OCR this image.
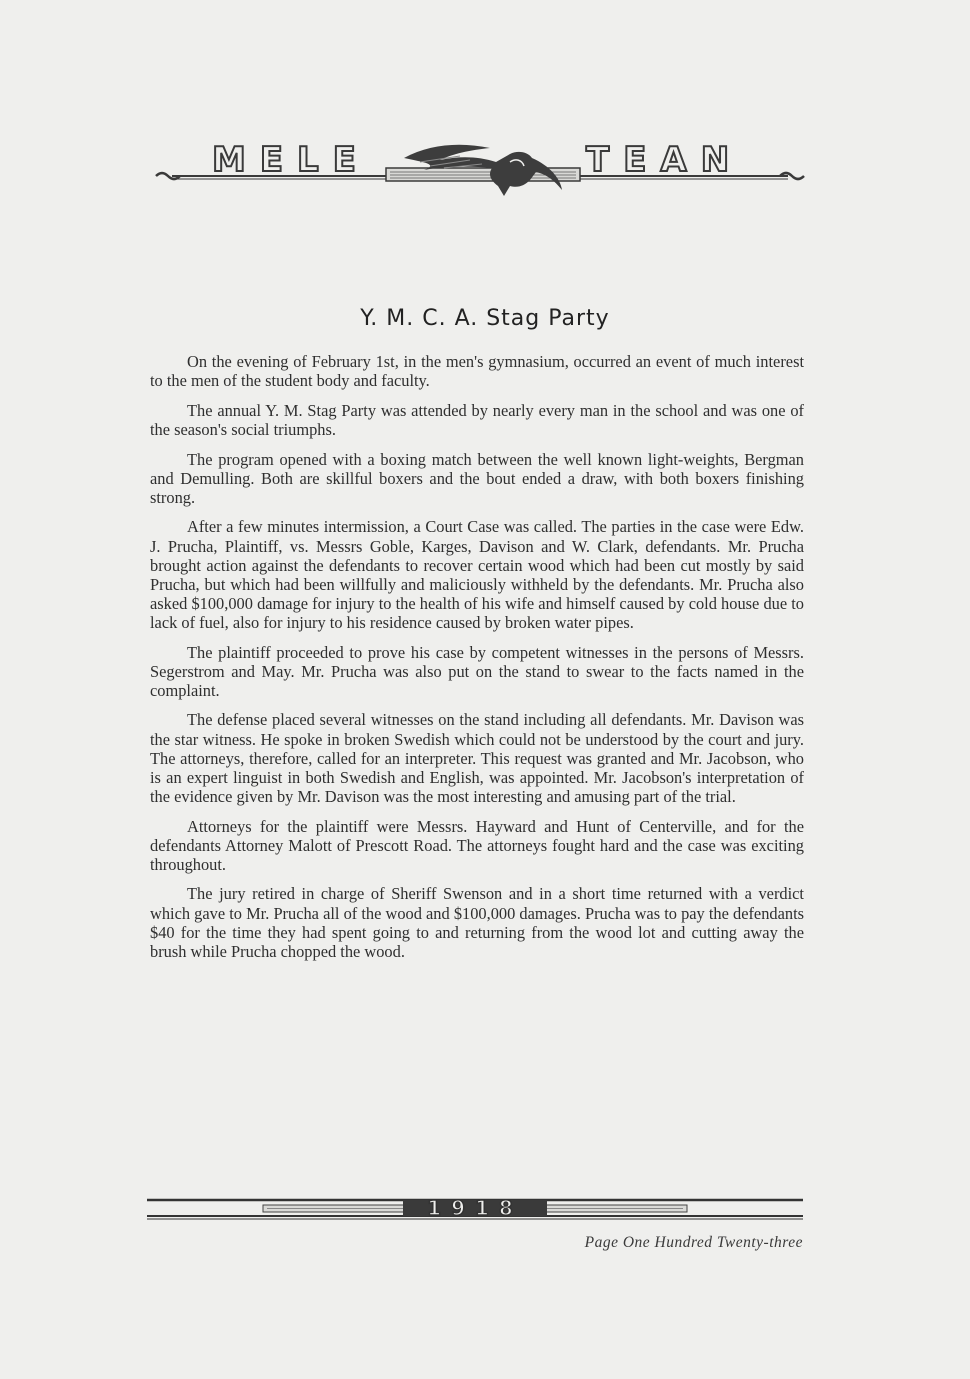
MELE	TEAN
Y. M. C. A. Stag Party

On the evening of February 1st, in the men's gymnasium, occurred an event of much interest to the men of the student body and faculty.

The annual Y. M. Stag Party was attended by nearly every man in the school and was one of the season's social triumphs.

The program opened with a boxing match between the well known light-weights, Bergman and Demulling. Both are skillful boxers and the bout ended a draw, with both boxers finishing strong.

After a few minutes intermission, a Court Case was called. The parties in the case were Edw. J. Prucha, Plaintiff, vs. Messrs Goble, Karges, Davison and W. Clark, defendants. Mr. Prucha brought action against the defendants to recover certain wood which had been cut mostly by said Prucha, but which had been willfully and maliciously withheld by the defendants. Mr. Prucha also asked $100,000 damage for injury to the health of his wife and himself caused by cold house due to lack of fuel, also for injury to his residence caused by broken water pipes.

The plaintiff proceeded to prove his case by competent witnesses in the persons of Messrs. Segerstrom and May. Mr. Prucha was also put on the stand to swear to the facts named in the complaint.

The defense placed several witnesses on the stand including all defendants. Mr. Davison was the star witness. He spoke in broken Swedish which could not be understood by the court and jury. The attorneys, therefore, called for an interpreter. This request was granted and Mr. Jacobson, who is an expert linguist in both Swedish and English, was appointed. Mr. Jacobson's interpretation of the evidence given by Mr. Davison was the most interesting and amusing part of the trial.

Attorneys for the plaintiff were Messrs. Hayward and Hunt of Centerville, and for the defendants Attorney Malott of Prescott Road. The attorneys fought hard and the case was exciting throughout.

The jury retired in charge of Sheriff Swenson and in a short time returned with a verdict which gave to Mr. Prucha all of the wood and $100,000 damages. Prucha was to pay the defendants $40 for the time they had spent going to and returning from the wood lot and cutting away the brush while Prucha chopped the wood.

1918
Page One Hundred Twenty-three
